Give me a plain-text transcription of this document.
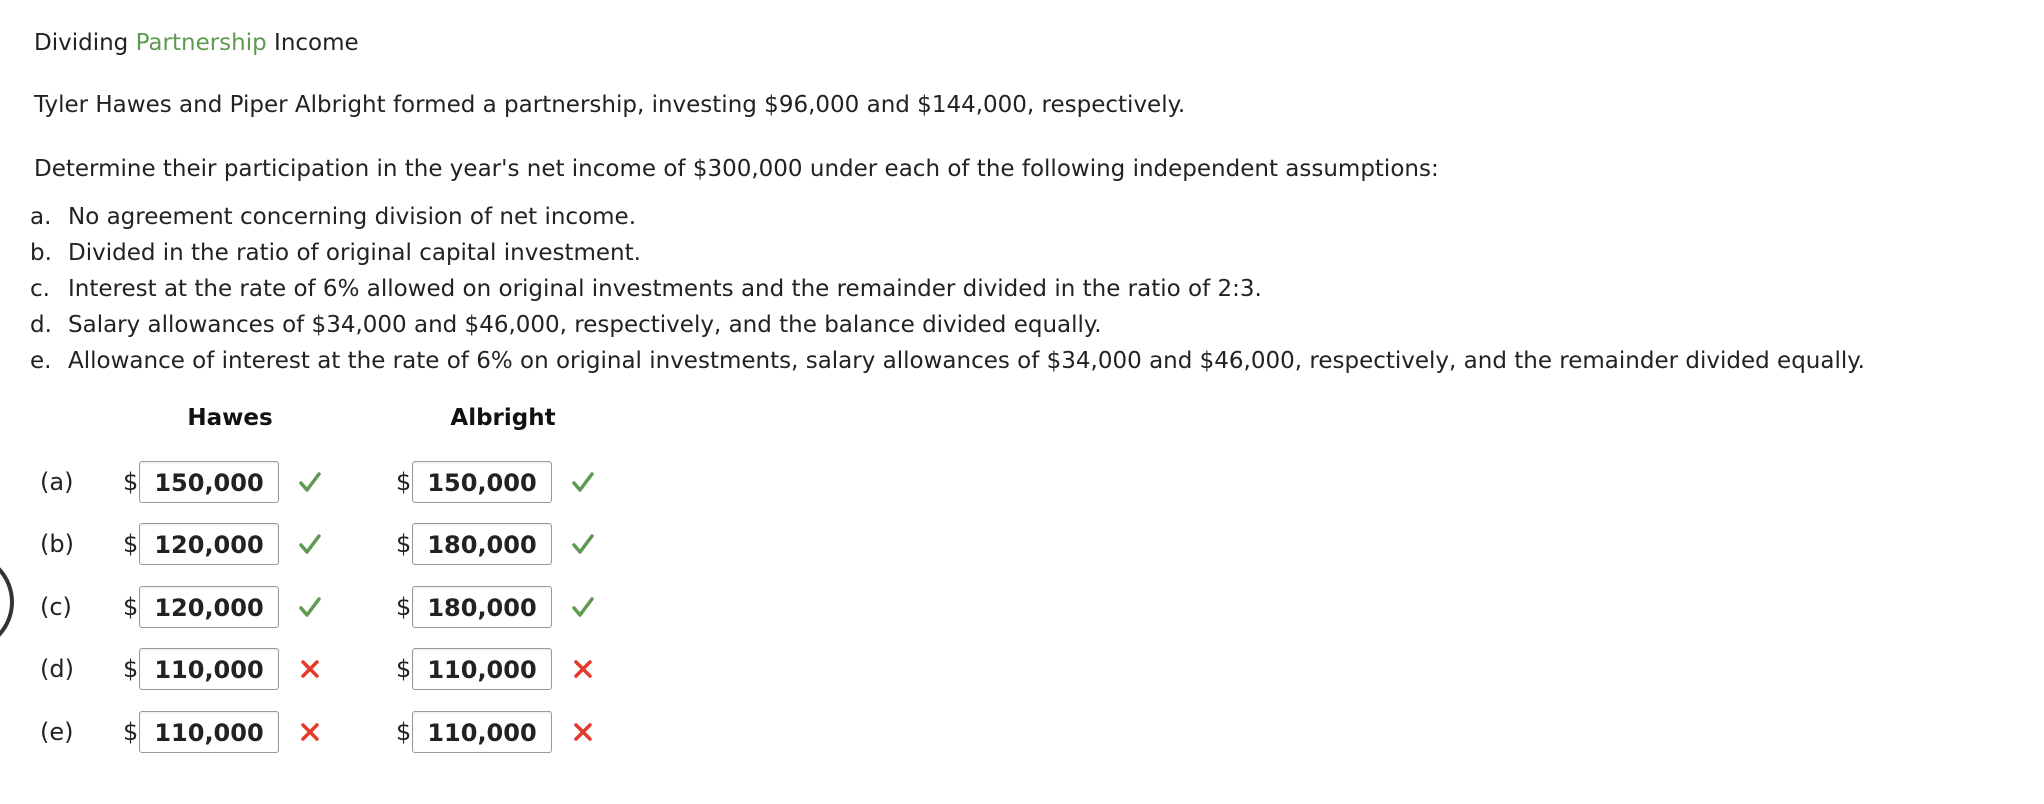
Dividing Partnership Income

Tyler Hawes and Piper Albright formed a partnership, investing $96,000 and $144,000, respectively.

Determine their participation in the year's net income of $300,000 under each of the following independent assumptions:

a. No agreement concerning division of net income.
b. Divided in the ratio of original capital investment.
c. Interest at the rate of 6% allowed on original investments and the remainder divided in the ratio of 2:3.
d. Salary allowances of $34,000 and $46,000, respectively, and the balance divided equally.
e. Allowance of interest at the rate of 6% on original investments, salary allowances of $34,000 and $46,000, respectively, and the remainder divided equally.
Hawes	Albright
(a) $ 150,000	$ 150,000
(b) $ 120,000	$ 180,000
(c) $ 120,000	$ 180,000
(d) $ 110,000	$ 110,000
(e) $ 110,000	$ 110,000
